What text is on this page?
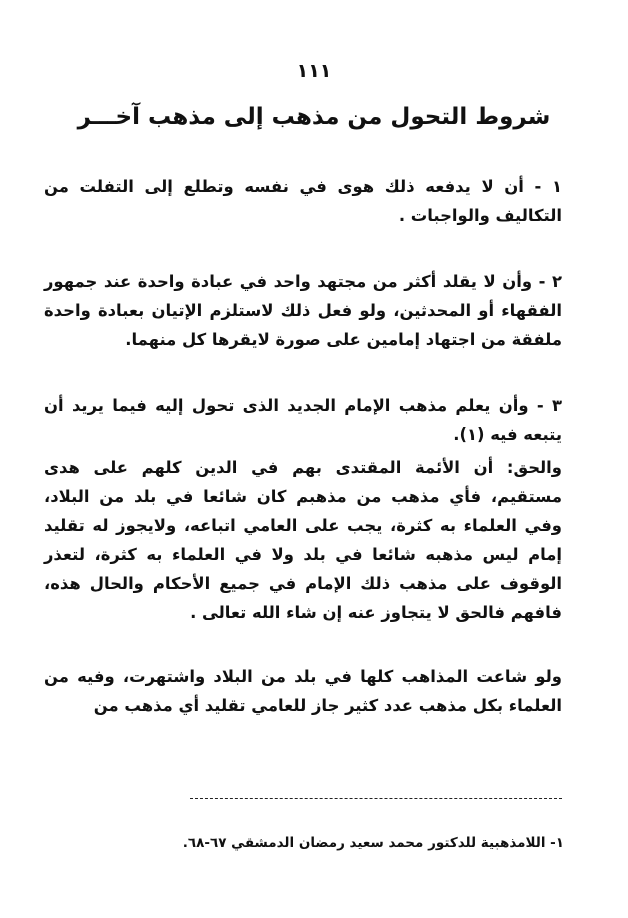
١١١
شروط التحول من مذهب إلى مذهب آخـــر

١ - أن لا يدفعه ذلك هوى في نفسه وتطلع إلى التفلت من التكاليف والواجبات .

٢ - وأن لا يقلد أكثر من مجتهد واحد في عبادة واحدة عند جمهور الفقهاء أو المحدثين، ولو فعل ذلك لاستلزم الإتيان بعبادة واحدة ملفقة من اجتهاد إمامين على صورة لايقرها كل منهما.

٣ - وأن يعلم مذهب الإمام الجديد الذى تحول إليه فيما يريد أن يتبعه فيه (١).

والحق: أن الأئمة المقتدى بهم في الدين كلهم على هدى مستقيم، فأي مذهب من مذهبم كان شائعا في بلد من البلاد، وفي العلماء به كثرة، يجب على العامي اتباعه، ولايجوز له تقليد إمام ليس مذهبه شائعا في بلد ولا في العلماء به كثرة، لتعذر الوقوف على مذهب ذلك الإمام في جميع الأحكام والحال هذه، فافهم فالحق لا يتجاوز عنه إن شاء الله تعالى .

ولو شاعت المذاهب كلها في بلد من البلاد واشتهرت، وفيه من العلماء بكل مذهب عدد كثير جاز للعامي تقليد أي مذهب من

١- اللامذهبية للدكتور محمد سعيد رمضان الدمشقي ٦٧-٦٨.
